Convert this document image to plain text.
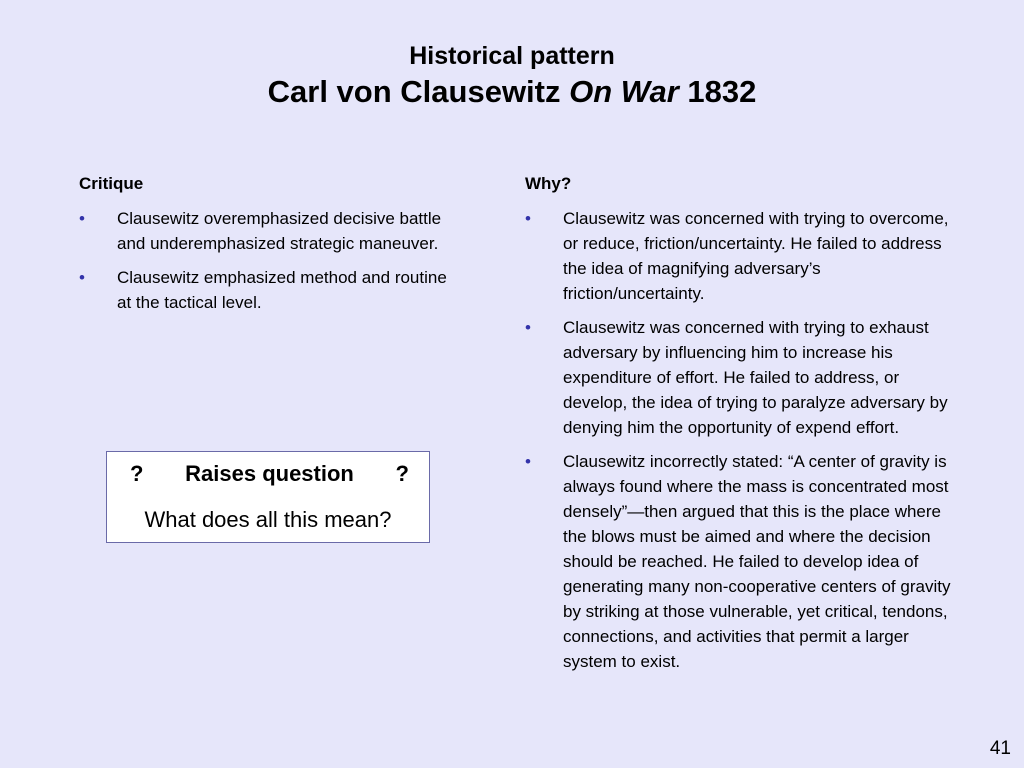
Historical pattern
Carl von Clausewitz On War 1832
Critique
• Clausewitz overemphasized decisive battle and underemphasized strategic maneuver.
• Clausewitz emphasized method and routine at the tactical level.
Why?
• Clausewitz was concerned with trying to overcome, or reduce, friction/uncertainty. He failed to address the idea of magnifying adversary’s friction/uncertainty.
• Clausewitz was concerned with trying to exhaust adversary by influencing him to increase his expenditure of effort. He failed to address, or develop, the idea of trying to paralyze adversary by denying him the opportunity of expend effort.
• Clausewitz incorrectly stated: “A center of gravity is always found where the mass is concentrated most densely”—then argued that this is the place where the blows must be aimed and where the decision should be reached. He failed to develop idea of generating many non-cooperative centers of gravity by striking at those vulnerable, yet critical, tendons, connections, and activities that permit a larger system to exist.
? Raises question ?
What does all this mean?
41
